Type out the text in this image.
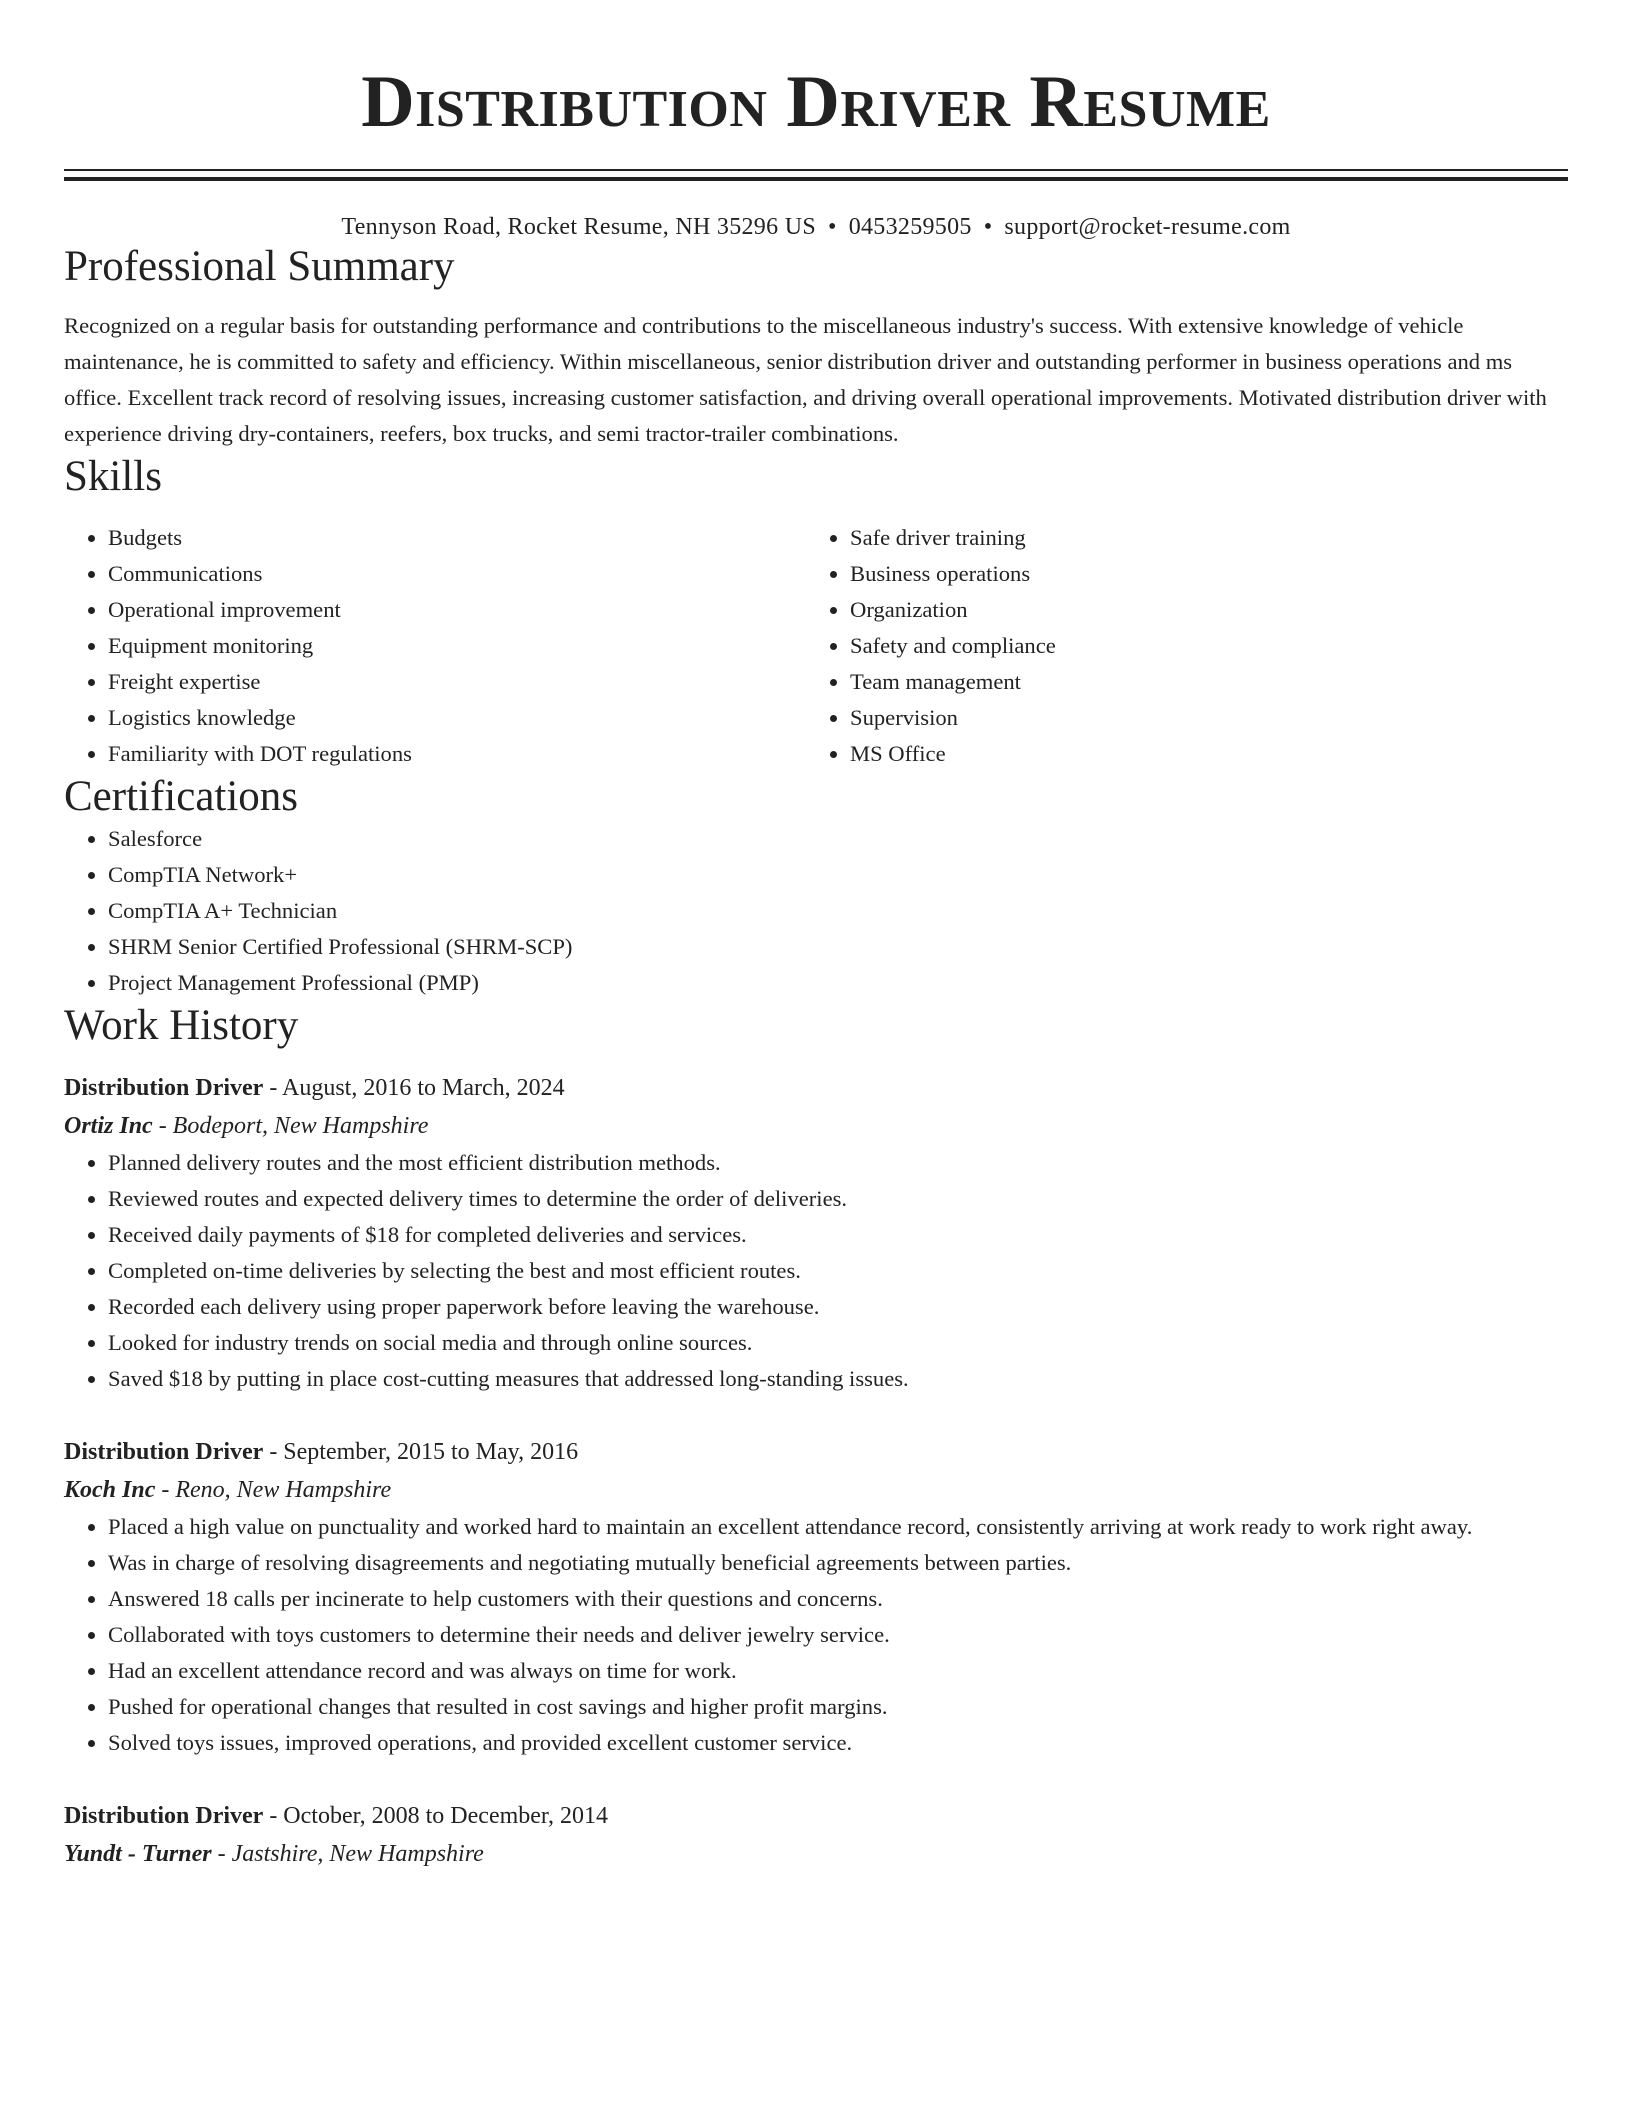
Distribution Driver Resume
Tennyson Road, Rocket Resume, NH 35296 US • 0453259505 • support@rocket-resume.com
Professional Summary

Recognized on a regular basis for outstanding performance and contributions to the miscellaneous industry's success. With extensive knowledge of vehicle maintenance, he is committed to safety and efficiency. Within miscellaneous, senior distribution driver and outstanding performer in business operations and ms office. Excellent track record of resolving issues, increasing customer satisfaction, and driving overall operational improvements. Motivated distribution driver with experience driving dry-containers, reefers, box trucks, and semi tractor-trailer combinations.

Skills
• Budgets
• Communications
• Operational improvement
• Equipment monitoring
• Freight expertise
• Logistics knowledge
• Familiarity with DOT regulations
• Safe driver training
• Business operations
• Organization
• Safety and compliance
• Team management
• Supervision
• MS Office
Certifications
• Salesforce
• CompTIA Network+
• CompTIA A+ Technician
• SHRM Senior Certified Professional (SHRM-SCP)
• Project Management Professional (PMP)
Work History
Distribution Driver - August, 2016 to March, 2024
Ortiz Inc - Bodeport, New Hampshire
• Planned delivery routes and the most efficient distribution methods.
• Reviewed routes and expected delivery times to determine the order of deliveries.
• Received daily payments of $18 for completed deliveries and services.
• Completed on-time deliveries by selecting the best and most efficient routes.
• Recorded each delivery using proper paperwork before leaving the warehouse.
• Looked for industry trends on social media and through online sources.
• Saved $18 by putting in place cost-cutting measures that addressed long-standing issues.
Distribution Driver - September, 2015 to May, 2016
Koch Inc - Reno, New Hampshire
• Placed a high value on punctuality and worked hard to maintain an excellent attendance record, consistently arriving at work ready to work right away.
• Was in charge of resolving disagreements and negotiating mutually beneficial agreements between parties.
• Answered 18 calls per incinerate to help customers with their questions and concerns.
• Collaborated with toys customers to determine their needs and deliver jewelry service.
• Had an excellent attendance record and was always on time for work.
• Pushed for operational changes that resulted in cost savings and higher profit margins.
• Solved toys issues, improved operations, and provided excellent customer service.
Distribution Driver - October, 2008 to December, 2014
Yundt - Turner - Jastshire, New Hampshire
